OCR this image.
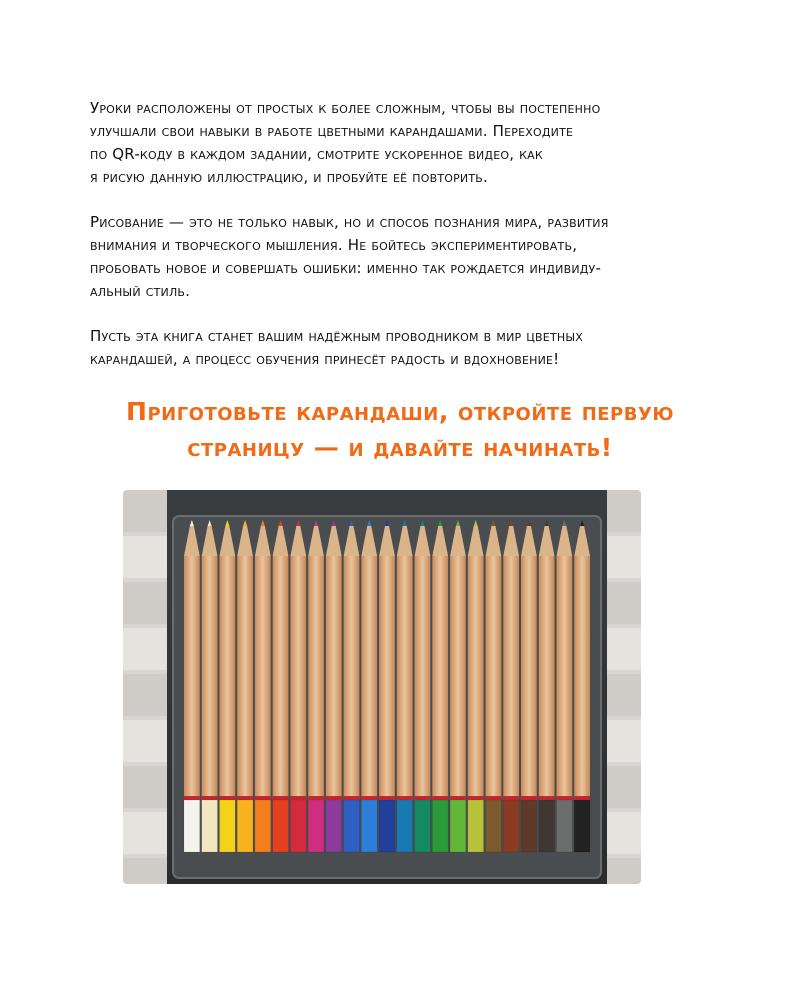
Уроки расположены от простых к более сложным, чтобы вы постепенно
улучшали свои навыки в работе цветными карандашами. Переходите
по QR-коду в каждом задании, смотрите ускоренное видео, как
я рисую данную иллюстрацию, и пробуйте её повторить.
Рисование — это не только навык, но и способ познания мира, развития
внимания и творческого мышления. Не бойтесь экспериментировать,
пробовать новое и совершать ошибки: именно так рождается индивиду-
альный стиль.
Пусть эта книга станет вашим надёжным проводником в мир цветных
карандашей, а процесс обучения принесёт радость и вдохновение!
Приготовьте карандаши, откройте первую
страницу — и давайте начинать!
